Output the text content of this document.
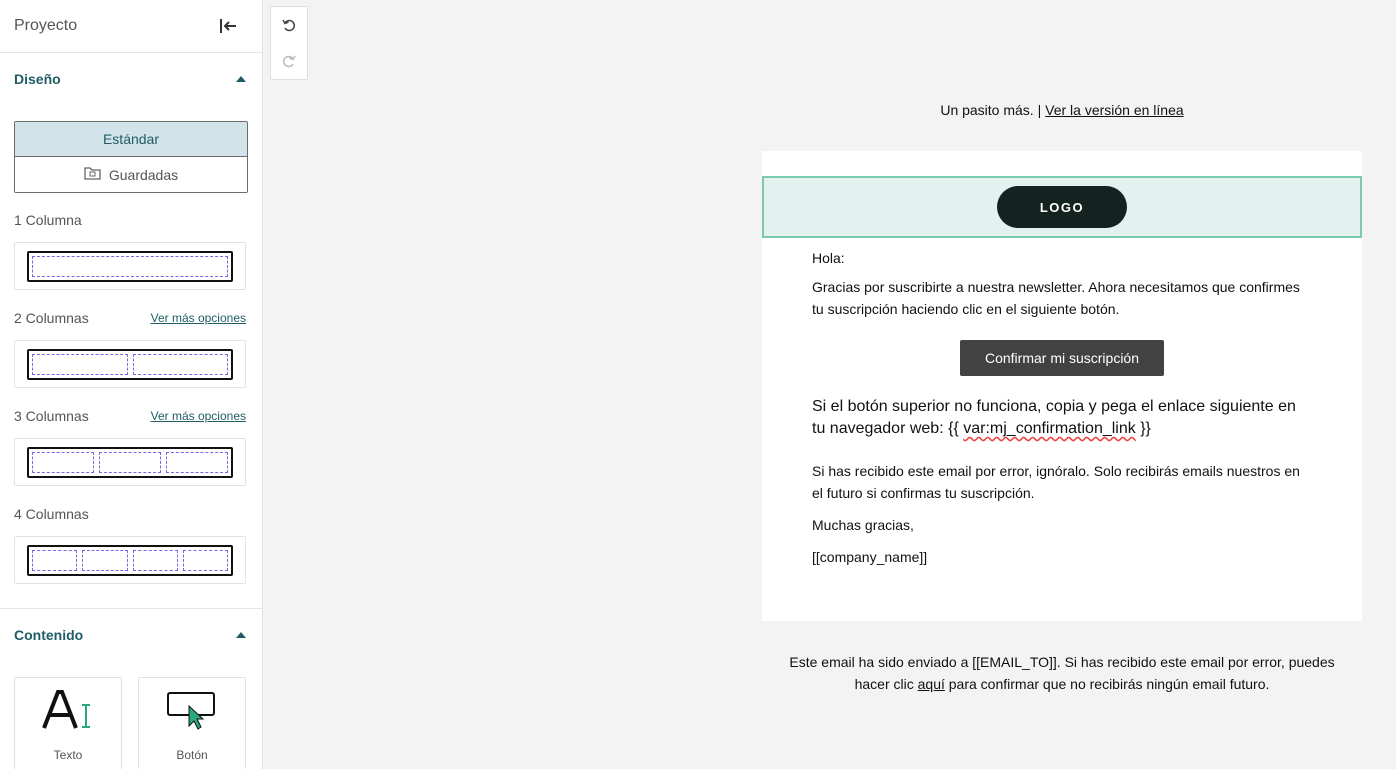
Proyecto
Diseño
Estándar
Guardadas
1 Columna
2 Columnas	Ver más opciones
3 Columnas	Ver más opciones
4 Columnas
Contenido
Texto	Botón
Un pasito más. | Ver la versión en línea
LOGO

Hola:

Gracias por suscribirte a nuestra newsletter. Ahora necesitamos que confirmes tu suscripción haciendo clic en el siguiente botón.

Confirmar mi suscripción

Si el botón superior no funciona, copia y pega el enlace siguiente en tu navegador web: {{ var:mj_confirmation_link }}

Si has recibido este email por error, ignóralo. Solo recibirás emails nuestros en el futuro si confirmas tu suscripción.

Muchas gracias,

[[company_name]]

Este email ha sido enviado a [[EMAIL_TO]]. Si has recibido este email por error, puedes
hacer clic aquí para confirmar que no recibirás ningún email futuro.
